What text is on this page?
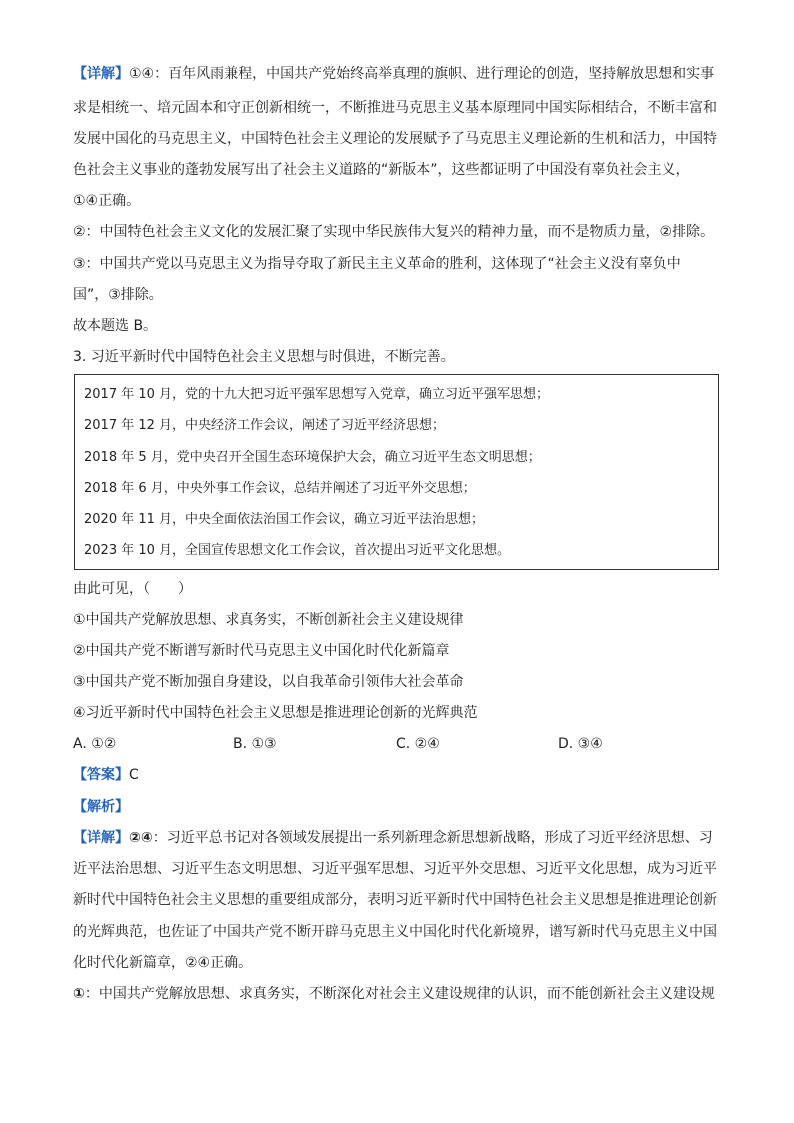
【详解】①④：百年风雨兼程，中国共产党始终高举真理的旗帜、进行理论的创造，坚持解放思想和实事
求是相统一、培元固本和守正创新相统一，不断推进马克思主义基本原理同中国实际相结合，不断丰富和
发展中国化的马克思主义，中国特色社会主义理论的发展赋予了马克思主义理论新的生机和活力，中国特
色社会主义事业的蓬勃发展写出了社会主义道路的“新版本”，这些都证明了中国没有辜负社会主义，
①④正确。
②：中国特色社会主义文化的发展汇聚了实现中华民族伟大复兴的精神力量，而不是物质力量，②排除。
③：中国共产党以马克思主义为指导夺取了新民主主义革命的胜利，这体现了“社会主义没有辜负中
国”，③排除。
故本题选 B。
3. 习近平新时代中国特色社会主义思想与时俱进，不断完善。
2017 年 10 月，党的十九大把习近平强军思想写入党章，确立习近平强军思想；
2017 年 12 月，中央经济工作会议，阐述了习近平经济思想；
2018 年 5 月，党中央召开全国生态环境保护大会，确立习近平生态文明思想；
2018 年 6 月，中央外事工作会议，总结并阐述了习近平外交思想；
2020 年 11 月，中央全面依法治国工作会议，确立习近平法治思想；
2023 年 10 月，全国宣传思想文化工作会议，首次提出习近平文化思想。
由此可见，（　　）
①中国共产党解放思想、求真务实，不断创新社会主义建设规律
②中国共产党不断谱写新时代马克思主义中国化时代化新篇章
③中国共产党不断加强自身建设，以自我革命引领伟大社会革命
④习近平新时代中国特色社会主义思想是推进理论创新的光辉典范
A. ①②	B. ①③	C. ②④	D. ③④
【答案】C
【解析】
【详解】②④：习近平总书记对各领域发展提出一系列新理念新思想新战略，形成了习近平经济思想、习
近平法治思想、习近平生态文明思想、习近平强军思想、习近平外交思想、习近平文化思想，成为习近平
新时代中国特色社会主义思想的重要组成部分，表明习近平新时代中国特色社会主义思想是推进理论创新
的光辉典范，也佐证了中国共产党不断开辟马克思主义中国化时代化新境界，谱写新时代马克思主义中国
化时代化新篇章，②④正确。
①：中国共产党解放思想、求真务实，不断深化对社会主义建设规律的认识，而不能创新社会主义建设规
